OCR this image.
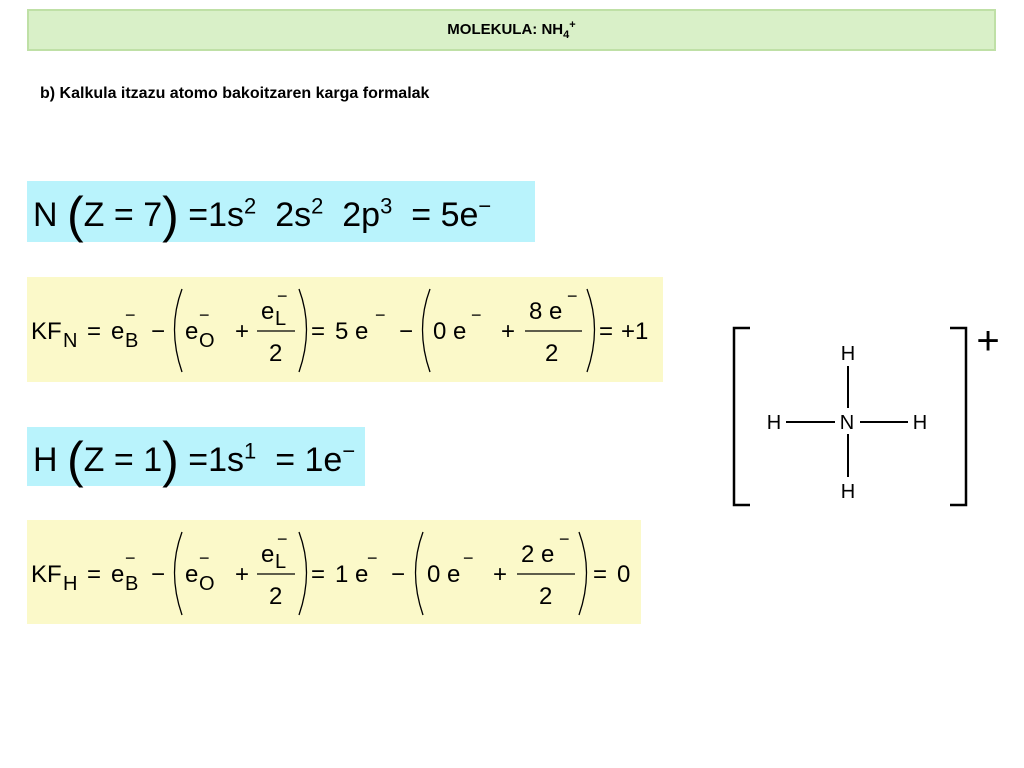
MOLEKULA: $NH_4^+$
b) Kalkula itzazu atomo bakoitzaren karga formalak
N $(Z = 7) =1s^2$ $2s^2$ $2p^3 = 5e^-$
KF N = e B
−
− e O
−
+
e L
−
2
= 5 e
−
− 0 e
−
+
8 e
−
2
= +1
H $(Z = 1) =1s^1 = 1e^-$
KF H = e B
−
− e O
−
+
e L
−
2
= 1 e
−
− 0 e
−
+
2 e
−
2
= 0
H
H	N	H
H
+
